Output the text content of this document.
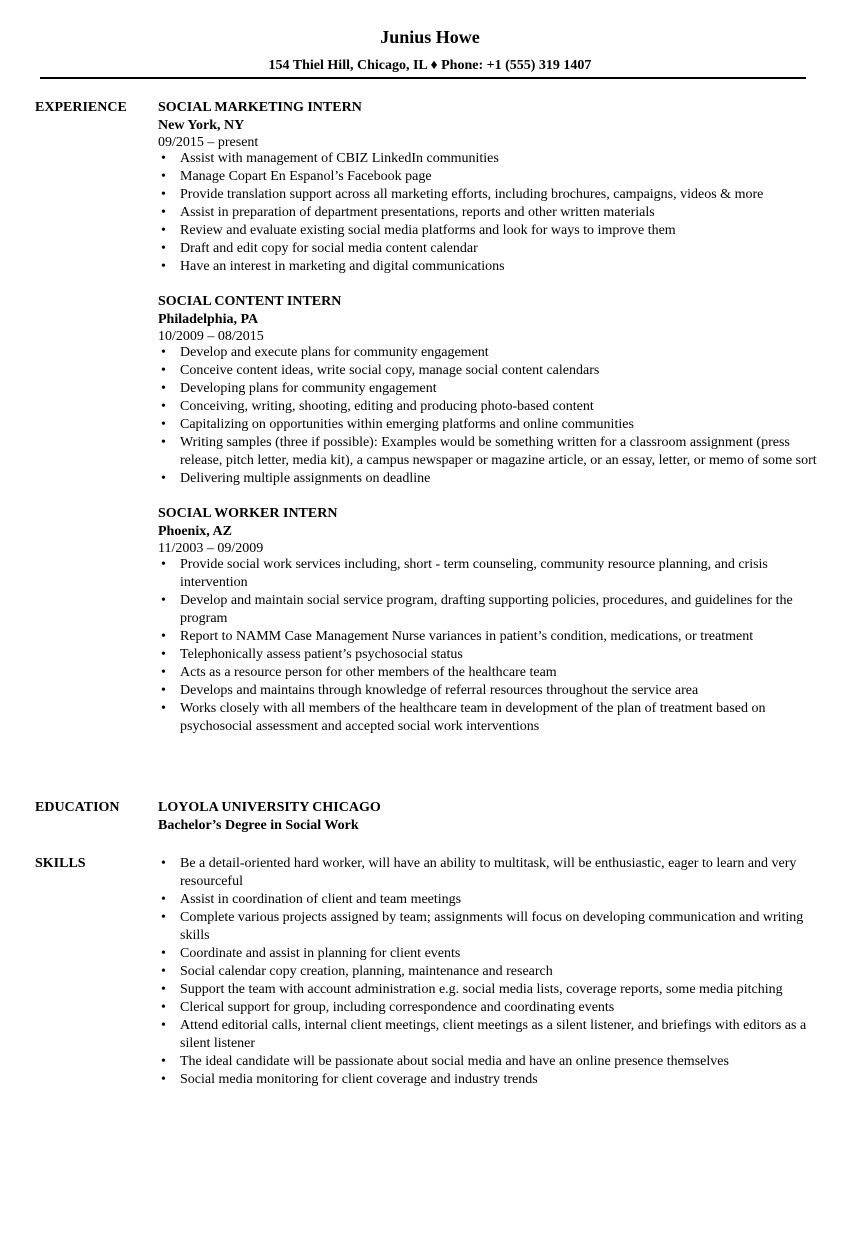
Junius Howe
154 Thiel Hill, Chicago, IL ♦ Phone: +1 (555) 319 1407
EXPERIENCE SOCIAL MARKETING INTERN
New York, NY
09/2015 – present
• Assist with management of CBIZ LinkedIn communities
• Manage Copart En Espanol’s Facebook page
• Provide translation support across all marketing efforts, including brochures, campaigns, videos & more
• Assist in preparation of department presentations, reports and other written materials
• Review and evaluate existing social media platforms and look for ways to improve them
• Draft and edit copy for social media content calendar
• Have an interest in marketing and digital communications
SOCIAL CONTENT INTERN
Philadelphia, PA
10/2009 – 08/2015
• Develop and execute plans for community engagement
• Conceive content ideas, write social copy, manage social content calendars
• Developing plans for community engagement
• Conceiving, writing, shooting, editing and producing photo-based content
• Capitalizing on opportunities within emerging platforms and online communities
• Writing samples (three if possible): Examples would be something written for a classroom assignment (press release, pitch letter, media kit), a campus newspaper or magazine article, or an essay, letter, or memo of some sort
• Delivering multiple assignments on deadline
SOCIAL WORKER INTERN
Phoenix, AZ
11/2003 – 09/2009
• Provide social work services including, short - term counseling, community resource planning, and crisis intervention
• Develop and maintain social service program, drafting supporting policies, procedures, and guidelines for the program
• Report to NAMM Case Management Nurse variances in patient’s condition, medications, or treatment
• Telephonically assess patient’s psychosocial status
• Acts as a resource person for other members of the healthcare team
• Develops and maintains through knowledge of referral resources throughout the service area
• Works closely with all members of the healthcare team in development of the plan of treatment based on psychosocial assessment and accepted social work interventions
EDUCATION	LOYOLA UNIVERSITY CHICAGO
Bachelor’s Degree in Social Work
SKILLS
•	Be a detail-oriented hard worker, will have an ability to multitask, will be enthusiastic, eager to learn and very resourceful
• Assist in coordination of client and team meetings
• Complete various projects assigned by team; assignments will focus on developing communication and writing skills
• Coordinate and assist in planning for client events
• Social calendar copy creation, planning, maintenance and research
• Support the team with account administration e.g. social media lists, coverage reports, some media pitching
• Clerical support for group, including correspondence and coordinating events
• Attend editorial calls, internal client meetings, client meetings as a silent listener, and briefings with editors as a silent listener
• The ideal candidate will be passionate about social media and have an online presence themselves
• Social media monitoring for client coverage and industry trends
